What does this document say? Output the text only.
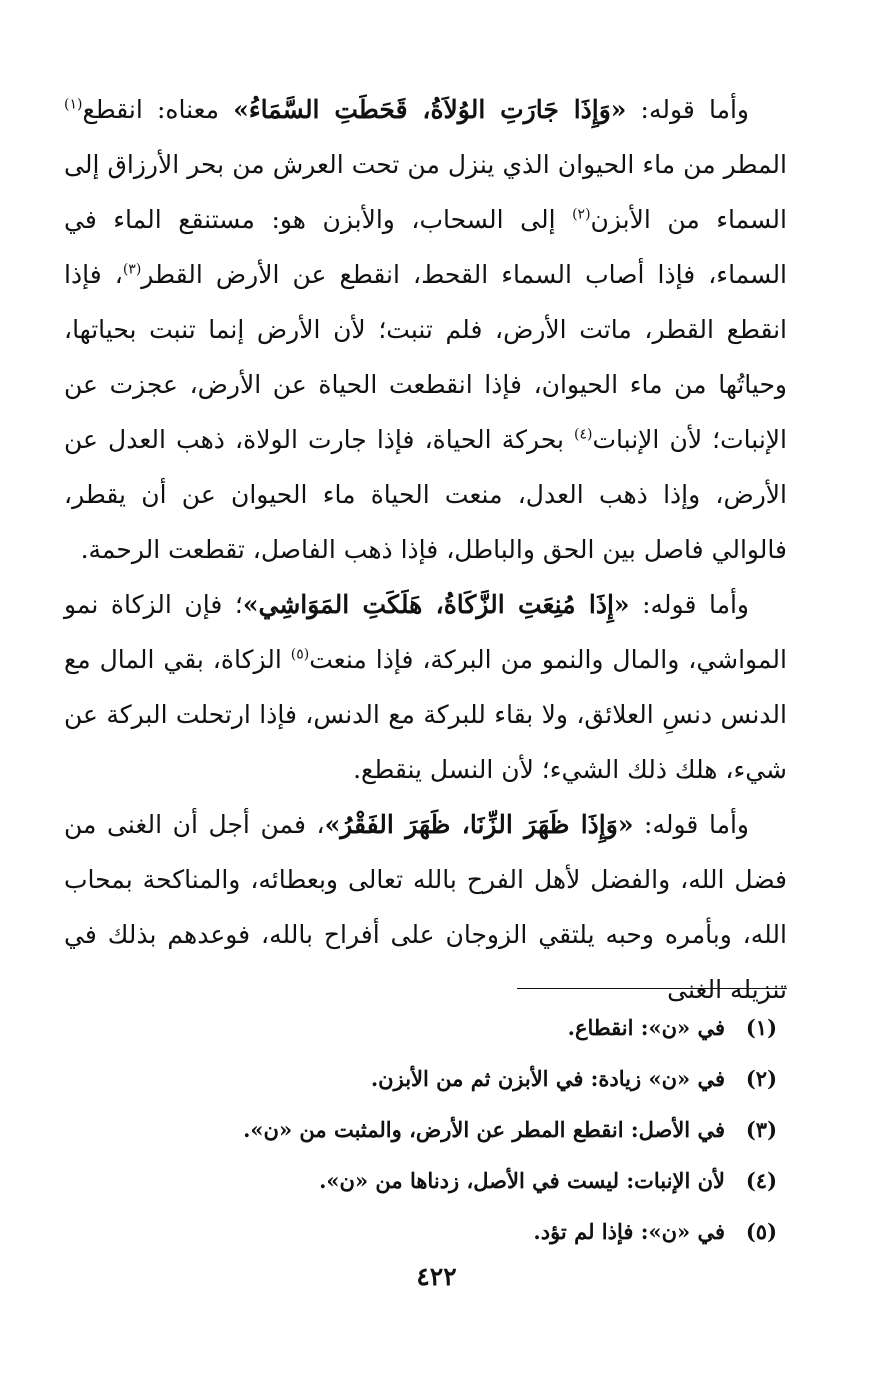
وأما قوله: «وَإِذَا جَارَتِ الوُلاَةُ، قَحَطَتِ السَّمَاءُ» معناه: انقطع$^{(١)}$ المطر من ماء الحيوان الذي ينزل من تحت العرش من بحر الأرزاق إلى السماء من الأبزن$^{(٢)}$ إلى السحاب، والأبزن هو: مستنقع الماء في السماء، فإذا أصاب السماء القحط، انقطع عن الأرض القطر$^{(٣)}$، فإذا انقطع القطر، ماتت الأرض، فلم تنبت؛ لأن الأرض إنما تنبت بحياتها، وحياتُها من ماء الحيوان، فإذا انقطعت الحياة عن الأرض، عجزت عن الإنبات؛ لأن الإنبات$^{(٤)}$ بحركة الحياة، فإذا جارت الولاة، ذهب العدل عن الأرض، وإذا ذهب العدل، منعت الحياة ماء الحيوان عن أن يقطر، فالوالي فاصل بين الحق والباطل، فإذا ذهب الفاصل، تقطعت الرحمة.

وأما قوله: «إِذَا مُنِعَتِ الزَّكَاةُ، هَلَكَتِ المَوَاشِي»؛ فإن الزكاة نمو المواشي، والمال والنمو من البركة، فإذا منعت$^{(٥)}$ الزكاة، بقي المال مع الدنس دنسِ العلائق، ولا بقاء للبركة مع الدنس، فإذا ارتحلت البركة عن شيء، هلك ذلك الشيء؛ لأن النسل ينقطع.

وأما قوله: «وَإِذَا ظَهَرَ الزِّنَا، ظَهَرَ الفَقْرُ»، فمن أجل أن الغنى من فضل الله، والفضل لأهل الفرح بالله تعالى وبعطائه، والمناكحة بمحاب الله، وبأمره وحبه يلتقي الزوجان على أفراح بالله، فوعدهم بذلك في تنزيله الغنى

(١)
في «ن»: انقطاع.
(٢)
في «ن» زيادة: في الأبزن ثم من الأبزن.
(٣)
في الأصل: انقطع المطر عن الأرض، والمثبت من «ن».
(٤)
لأن الإنبات: ليست في الأصل، زدناها من «ن».
(٥)
في «ن»: فإذا لم تؤد.
٤٢٢
